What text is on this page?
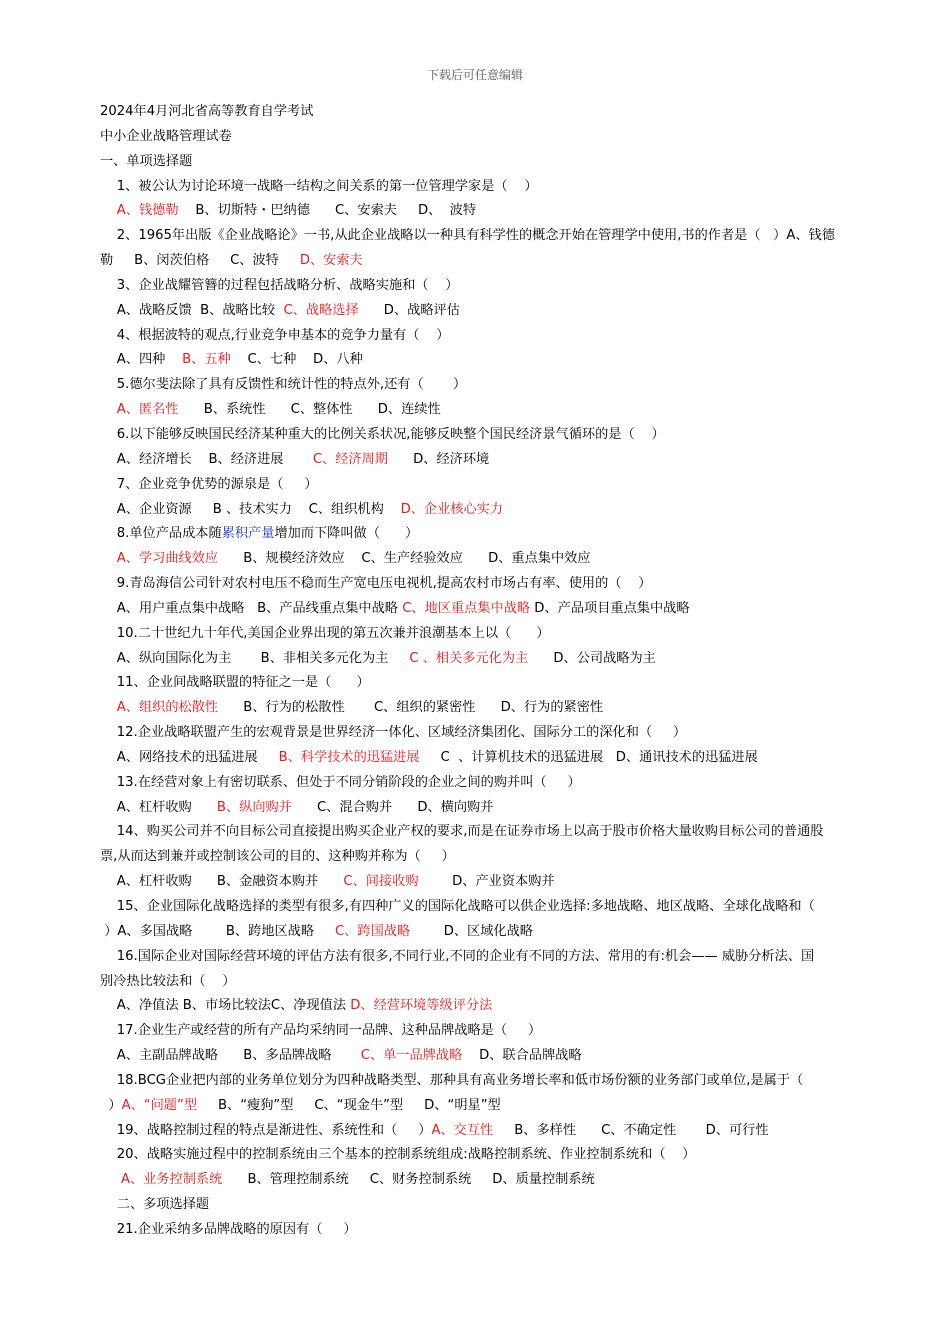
下载后可任意编辑
2024年4月河北省高等教育自学考试
中小企业战略管理试卷
一、单项选择题
1、被公认为讨论环境一战略一结构之间关系的第一位管理学家是（    ）
A、钱德勒    B、切斯特・巴纳德      C、安索夫     D、  波特
2、1965年出版《企业战略论》一书,从此企业战略以一种具有科学性的概念开始在管理学中使用,书的作者是（   ）A、钱德
勒     B、闵茨伯格     C、波特     D、安索夫
3、企业战耀管簪的过程包括战略分析、战略实施和（    ）
A、战略反馈  B、战略比较  C、战略选择      D、战略评估
4、根据波特的观点,行业竞争申基本的竞争力量有（    ）
A、四种    B、五种    C、七种    D、八种
5.德尔斐法除了具有反馈性和统计性的特点外,还有（       ）
A、匿名性      B、系统性      C、整体性      D、连续性
6.以下能够反映国民经济某种重大的比例关系状况,能够反映整个国民经济景气循环的是（    ）
A、经济增长    B、经济进展       C、经济周期      D、经济环境
7、企业竞争优势的源泉是（     ）
A、企业资源     B 、技术实力    C、组织机构    D、企业核心实力
8.单位产品成本随累积产量增加而下降叫做（      ）
A、学习曲线效应      B、规模经济效应    C、生产经验效应      D、重点集中效应
9.青岛海信公司针对农村电压不稳而生产宽电压电视机,提高农村市场占有率、使用的（    ）
A、用户重点集中战略   B、产品线重点集中战略 C、地区重点集中战略 D、产品项目重点集中战略
10.二十世纪九十年代,美国企业界出现的第五次兼并浪潮基本上以（      ）
A、纵向国际化为主       B、非相关多元化为主     C 、相关多元化为主      D、公司战略为主
11、企业间战略联盟的特征之一是（      ）
A、组织的松散性      B、行为的松散性       C、组织的紧密性      D、行为的紧密性
12.企业战略联盟产生的宏观背景是世界经济一体化、区域经济集团化、国际分工的深化和（     ）
A、网络技术的迅猛进展     B、科学技术的迅猛进展     C  、计算机技术的迅猛进展   D、通讯技术的迅猛进展
13.在经营对象上有密切联系、但处于不同分销阶段的企业之间的购并叫（     ）
A、杠杆收购      B、纵向购并      C、混合购并      D、横向购并
14、购买公司并不向目标公司直接提出购买企业产权的要求,而是在证券市场上以高于股市价格大量收购目标公司的普通股
票,从而达到兼并或控制该公司的目的、这种购并称为（     ）
A、杠杆收购      B、金融资本购并      C、间接收购        D、产业资本购并
15、企业国际化战略选择的类型有很多,有四种广义的国际化战略可以供企业选择:多地战略、地区战略、全球化战略和（
）A、多国战略        B、跨地区战略     C、跨国战略        D、区域化战略
16.国际企业对国际经营环境的评估方法有很多,不同行业,不同的企业有不同的方法、常用的有:机会—— 威胁分析法、国
别冷热比较法和（    ）
A、净值法 B、市场比较法C、净现值法 D、经营环境等级评分法
17.企业生产或经营的所有产品均采纳同一品牌、这种品牌战略是（     ）
A、主副品牌战略      B、多品牌战略       C、单一品牌战略    D、联合品牌战略
18.BCG企业把内部的业务单位划分为四种战略类型、那种具有高业务增长率和低市场份额的业务部门或单位,是属于（
）A、“问题”型     B、“瘦狗”型     C、“现金牛”型     D、“明星”型
19、战略控制过程的特点是渐进性、系统性和（     ）A、交互性     B、多样性      C、不确定性       D、可行性
20、战略实施过程中的控制系统由三个基本的控制系统组成:战略控制系统、作业控制系统和（    ）
A、业务控制系统      B、管理控制系统     C、财务控制系统     D、质量控制系统
二、多项选择题
21.企业采纳多品牌战略的原因有（     ）
